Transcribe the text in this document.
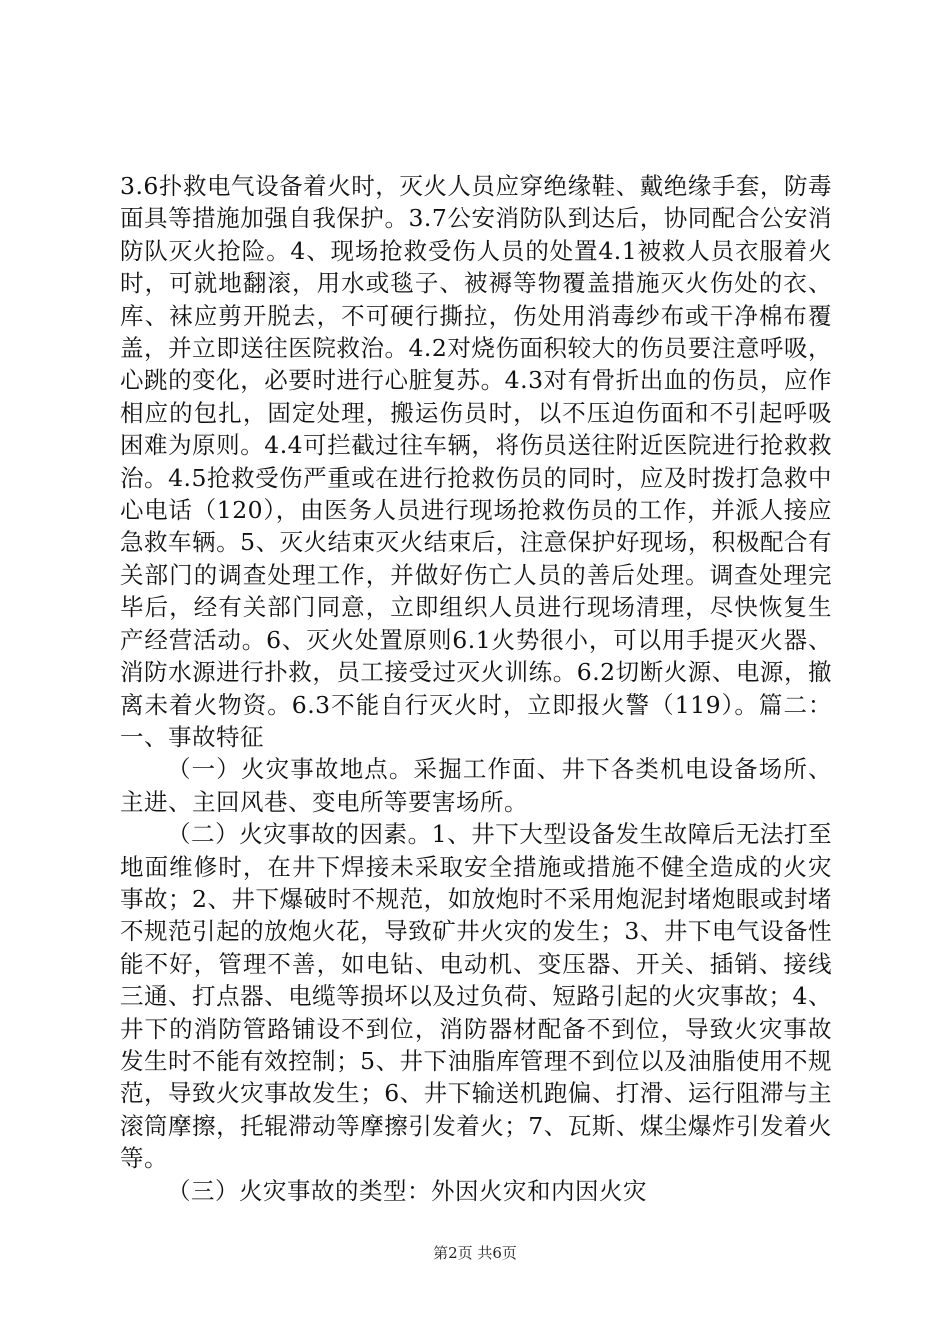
3.6扑救电气设备着火时，灭火人员应穿绝缘鞋、戴绝缘手套，防毒面具等措施加强自我保护。3.7公安消防队到达后，协同配合公安消防队灭火抢险。4、现场抢救受伤人员的处置4.1被救人员衣服着火时，可就地翻滚，用水或毯子、被褥等物覆盖措施灭火伤处的衣、库、袜应剪开脱去，不可硬行撕拉，伤处用消毒纱布或干净棉布覆盖，并立即送往医院救治。4.2对烧伤面积较大的伤员要注意呼吸，心跳的变化，必要时进行心脏复苏。4.3对有骨折出血的伤员，应作相应的包扎，固定处理，搬运伤员时，以不压迫伤面和不引起呼吸困难为原则。4.4可拦截过往车辆，将伤员送往附近医院进行抢救救治。4.5抢救受伤严重或在进行抢救伤员的同时，应及时拨打急救中心电话（120），由医务人员进行现场抢救伤员的工作，并派人接应急救车辆。5、灭火结束灭火结束后，注意保护好现场，积极配合有关部门的调查处理工作，并做好伤亡人员的善后处理。调查处理完毕后，经有关部门同意，立即组织人员进行现场清理，尽快恢复生产经营活动。6、灭火处置原则6.1火势很小，可以用手提灭火器、消防水源进行扑救，员工接受过灭火训练。6.2切断火源、电源，撤离未着火物资。6.3不能自行灭火时，立即报火警（119）。篇二：一、事故特征

（一）火灾事故地点。采掘工作面、井下各类机电设备场所、主进、主回风巷、变电所等要害场所。

（二）火灾事故的因素。1、井下大型设备发生故障后无法打至地面维修时，在井下焊接未采取安全措施或措施不健全造成的火灾事故；2、井下爆破时不规范，如放炮时不采用炮泥封堵炮眼或封堵不规范引起的放炮火花，导致矿井火灾的发生；3、井下电气设备性能不好，管理不善，如电钻、电动机、变压器、开关、插销、接线三通、打点器、电缆等损坏以及过负荷、短路引起的火灾事故；4、井下的消防管路铺设不到位，消防器材配备不到位，导致火灾事故发生时不能有效控制；5、井下油脂库管理不到位以及油脂使用不规范，导致火灾事故发生；6、井下输送机跑偏、打滑、运行阻滞与主滚筒摩擦，托辊滞动等摩擦引发着火；7、瓦斯、煤尘爆炸引发着火等。

（三）火灾事故的类型：外因火灾和内因火灾

第2页 共6页
